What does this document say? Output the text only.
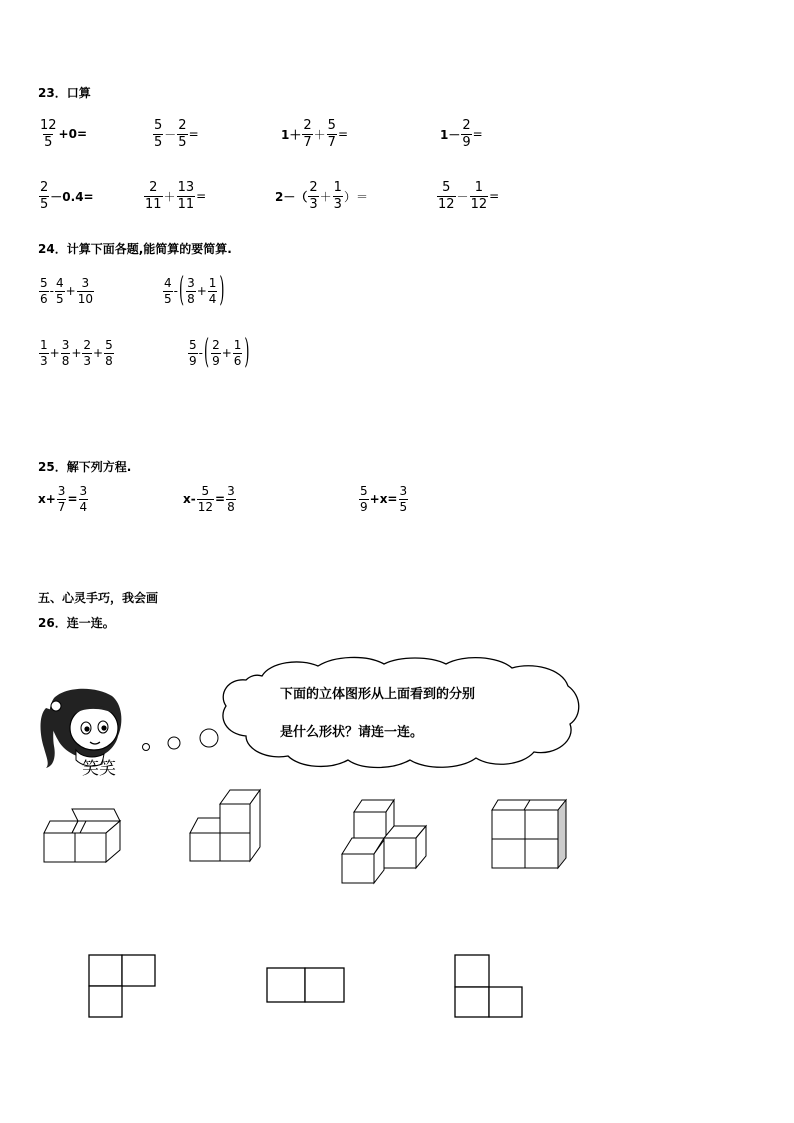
23．口算
$\frac{12}{5} +0=$	$\frac{5}{5} - \frac{2}{5}$ =	$1+ \frac{2}{7} + \frac{5}{7}$ =	$1- \frac{2}{9}$ =
$\frac{2}{5} -0.4=$	$\frac{2}{11} + \frac{13}{11}$ =	$2-( \frac{2}{3} + \frac{1}{3}$ ）＝	$\frac{5}{12} - \frac{1}{12}$ =
24．计算下面各题,能简算的要简算.
$\frac{5}{6} - \frac{4}{5} + \frac{3}{10}$	$\frac{4}{5}$ - ( $\frac{3}{8} + \frac{1}{4}$ )
$\frac{1}{3} + \frac{3}{8} + \frac{2}{3} + \frac{5}{8}$	$\frac{5}{9}$ - ( $\frac{2}{9} + \frac{1}{6}$ )
25．解下列方程.
$x+ \frac{3}{7} = \frac{3}{4}$	$x- \frac{5}{12} = \frac{3}{8}$	$\frac{5}{9} +x= \frac{3}{5}$
五、心灵手巧，我会画
26．连一连。
笑笑
下面的立体图形从上面看到的分别
是什么形状？请连一连。
